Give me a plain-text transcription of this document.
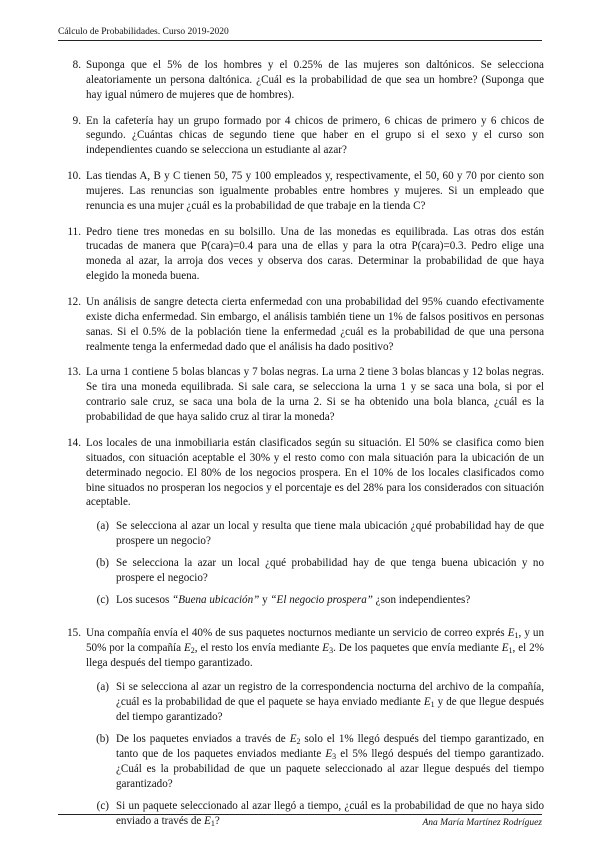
Cálculo de Probabilidades. Curso 2019-2020
8. Suponga que el 5% de los hombres y el 0.25% de las mujeres son daltónicos. Se selecciona aleatoriamente un persona daltónica. ¿Cuál es la probabilidad de que sea un hombre? (Suponga que hay igual número de mujeres que de hombres).
9. En la cafetería hay un grupo formado por 4 chicos de primero, 6 chicas de primero y 6 chicos de segundo. ¿Cuántas chicas de segundo tiene que haber en el grupo si el sexo y el curso son independientes cuando se selecciona un estudiante al azar?
10. Las tiendas A, B y C tienen 50, 75 y 100 empleados y, respectivamente, el 50, 60 y 70 por ciento son mujeres. Las renuncias son igualmente probables entre hombres y mujeres. Si un empleado que renuncia es una mujer ¿cuál es la probabilidad de que trabaje en la tienda C?
11. Pedro tiene tres monedas en su bolsillo. Una de las monedas es equilibrada. Las otras dos están trucadas de manera que P(cara)=0.4 para una de ellas y para la otra P(cara)=0.3. Pedro elige una moneda al azar, la arroja dos veces y observa dos caras. Determinar la probabilidad de que haya elegido la moneda buena.
12. Un análisis de sangre detecta cierta enfermedad con una probabilidad del 95% cuando efectivamente existe dicha enfermedad. Sin embargo, el análisis también tiene un 1% de falsos positivos en personas sanas. Si el 0.5% de la población tiene la enfermedad ¿cuál es la probabilidad de que una persona realmente tenga la enfermedad dado que el análisis ha dado positivo?
13. La urna 1 contiene 5 bolas blancas y 7 bolas negras. La urna 2 tiene 3 bolas blancas y 12 bolas negras. Se tira una moneda equilibrada. Si sale cara, se selecciona la urna 1 y se saca una bola, si por el contrario sale cruz, se saca una bola de la urna 2. Si se ha obtenido una bola blanca, ¿cuál es la probabilidad de que haya salido cruz al tirar la moneda?
14. Los locales de una inmobiliaria están clasificados según su situación. El 50% se clasifica como bien situados, con situación aceptable el 30% y el resto como con mala situación para la ubicación de un determinado negocio. El 80% de los negocios prospera. En el 10% de los locales clasificados como bine situados no prosperan los negocios y el porcentaje es del 28% para los considerados con situación aceptable.
(a) Se selecciona al azar un local y resulta que tiene mala ubicación ¿qué probabilidad hay de que prospere un negocio?
(b) Se selecciona la azar un local ¿qué probabilidad hay de que tenga buena ubicación y no prospere el negocio?
(c) Los sucesos “Buena ubicación” y “El negocio prospera” ¿son independientes?
15. Una compañía envía el 40% de sus paquetes nocturnos mediante un servicio de correo exprés $E_1$, y un 50% por la compañía $E_2$, el resto los envía mediante $E_3$. De los paquetes que envía mediante $E_1$, el 2% llega después del tiempo garantizado.
(a) Si se selecciona al azar un registro de la correspondencia nocturna del archivo de la compañía, ¿cuál es la probabilidad de que el paquete se haya enviado mediante $E_1$ y de que llegue después del tiempo garantizado?
(b) De los paquetes enviados a través de $E_2$ solo el 1% llegó después del tiempo garantizado, en tanto que de los paquetes enviados mediante $E_3$ el 5% llegó después del tiempo garantizado. ¿Cuál es la probabilidad de que un paquete seleccionado al azar llegue después del tiempo garantizado?
(c) Si un paquete seleccionado al azar llegó a tiempo, ¿cuál es la probabilidad de que no haya sido enviado a través de $E_1$?	Ana María Martínez Rodríguez
